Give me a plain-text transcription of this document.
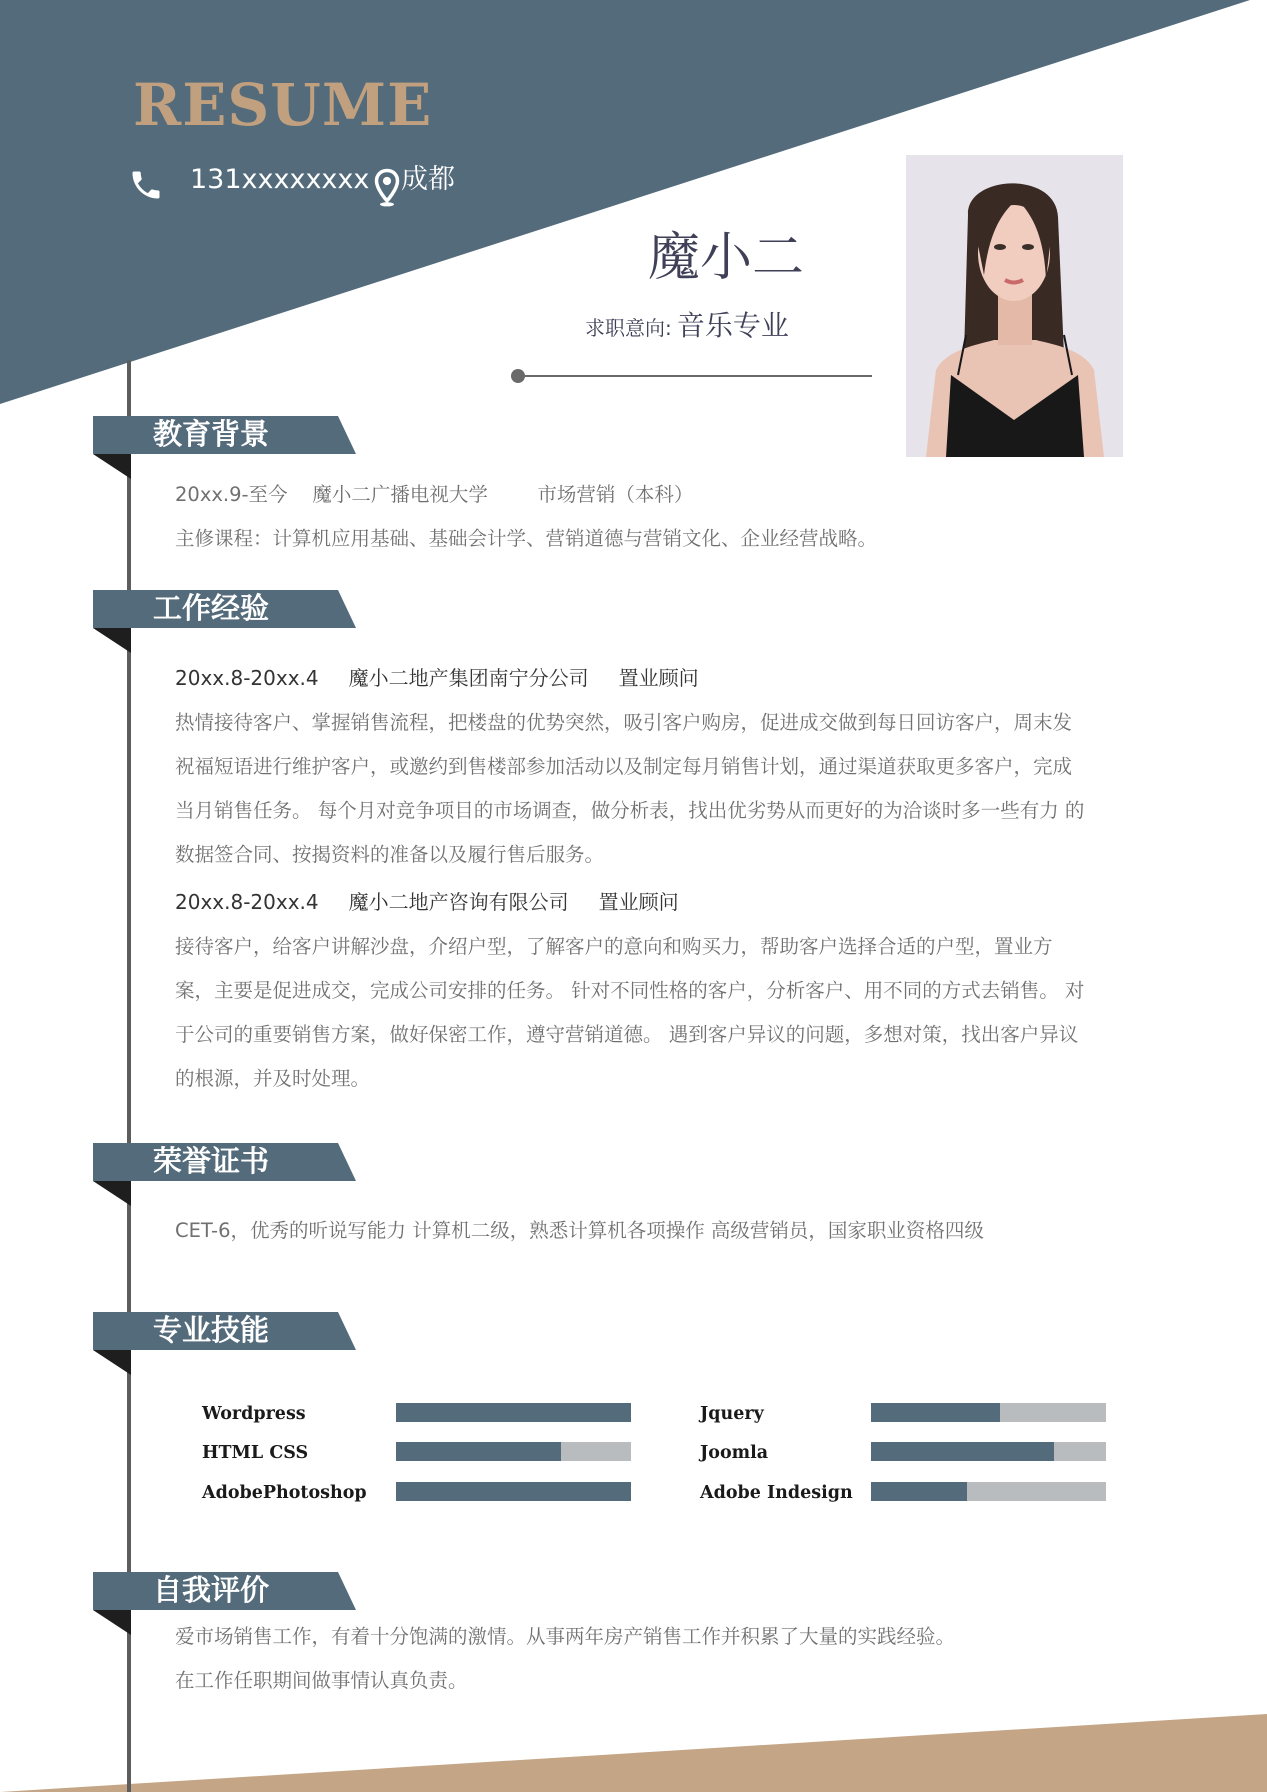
RESUME
131xxxxxxxx 成都
魔小二
求职意向: 音乐专业
教育背景
工作经验
荣誉证书
专业技能
自我评价
20xx.9-至今    魔小二广播电视大学        市场营销（本科）
主修课程：计算机应用基础、基础会计学、营销道德与营销文化、企业经营战略。
20xx.8-20xx.4 魔小二地产集团南宁分公司 置业顾问
热情接待客户、掌握销售流程，把楼盘的优势突然，吸引客户购房，促进成交做到每日回访客户，周末发
祝福短语进行维护客户，或邀约到售楼部参加活动以及制定每月销售计划，通过渠道获取更多客户，完成
当月销售任务。 每个月对竞争项目的市场调查，做分析表，找出优劣势从而更好的为洽谈时多一些有力 的
数据签合同、按揭资料的准备以及履行售后服务。
20xx.8-20xx.4 魔小二地产咨询有限公司 置业顾问
接待客户，给客户讲解沙盘，介绍户型，了解客户的意向和购买力，帮助客户选择合适的户型，置业方
案，主要是促进成交，完成公司安排的任务。 针对不同性格的客户，分析客户、用不同的方式去销售。 对
于公司的重要销售方案，做好保密工作，遵守营销道德。 遇到客户异议的问题，多想对策，找出客户异议
的根源，并及时处理。
CET-6，优秀的听说写能力 计算机二级，熟悉计算机各项操作 高级营销员，国家职业资格四级
Wordpress
HTML CSS
AdobePhotoshop
Jquery
Joomla
Adobe Indesign
爱市场销售工作，有着十分饱满的激情。从事两年房产销售工作并积累了大量的实践经验。
在工作任职期间做事情认真负责。
